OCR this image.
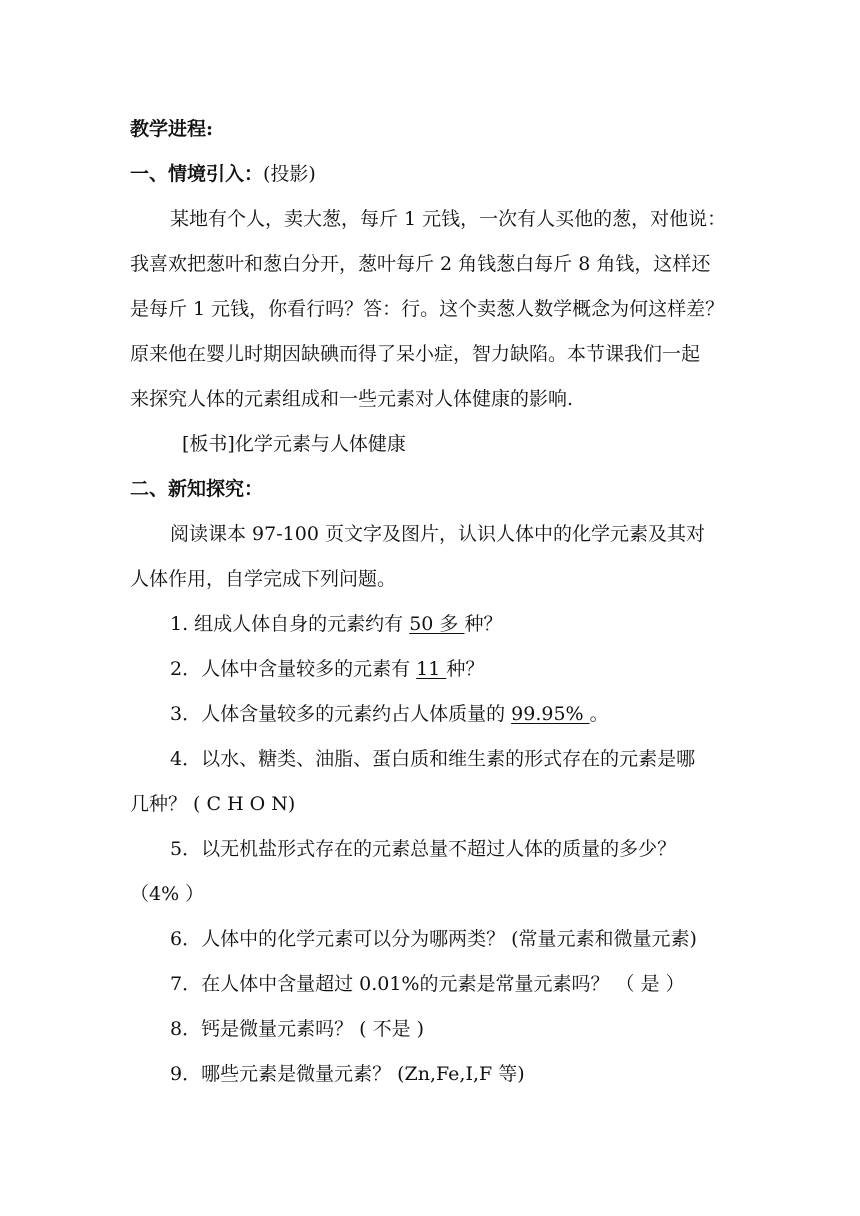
教学进程:
一、情境引入：(投影)
某地有个人，卖大葱，每斤 1 元钱，一次有人买他的葱，对他说：
我喜欢把葱叶和葱白分开，葱叶每斤 2 角钱葱白每斤 8 角钱，这样还
是每斤 1 元钱，你看行吗？答：行。这个卖葱人数学概念为何这样差？
原来他在婴儿时期因缺碘而得了呆小症，智力缺陷。本节课我们一起
来探究人体的元素组成和一些元素对人体健康的影响.
[板书]化学元素与人体健康
二、新知探究：
阅读课本 97-100 页文字及图片，认识人体中的化学元素及其对
人体作用，自学完成下列问题。
1. 组成人体自身的元素约有 50 多 种？
2．人体中含量较多的元素有 11 种？
3．人体含量较多的元素约占人体质量的 99.95% 。
4．以水、糖类、油脂、蛋白质和维生素的形式存在的元素是哪
几种？ ( C H O N)
5．以无机盐形式存在的元素总量不超过人体的质量的多少？
（4% ）
6．人体中的化学元素可以分为哪两类？ (常量元素和微量元素)
7．在人体中含量超过 0.01%的元素是常量元素吗？ （ 是 ）
8．钙是微量元素吗？ ( 不是 )
9．哪些元素是微量元素？ (Zn,Fe,I,F 等)
